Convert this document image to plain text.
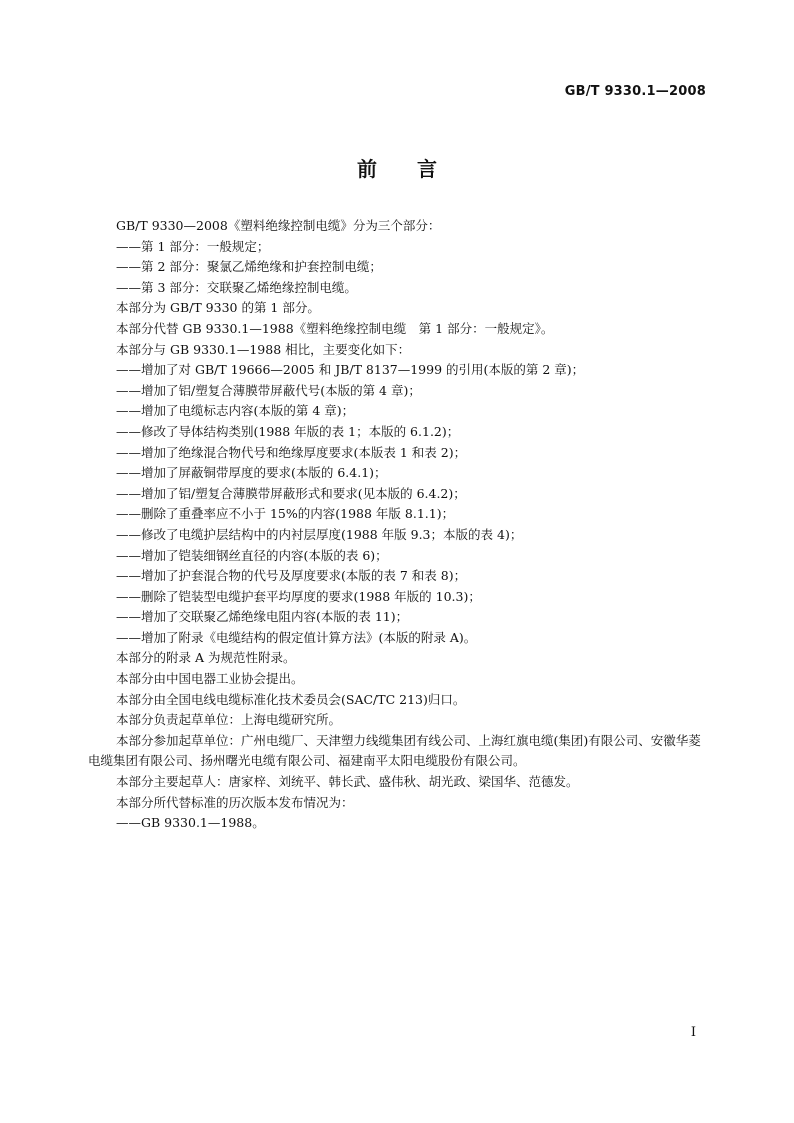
GB/T 9330.1—2008
前 言
GB/T 9330—2008《塑料绝缘控制电缆》分为三个部分：
——第 1 部分：一般规定；
——第 2 部分：聚氯乙烯绝缘和护套控制电缆；
——第 3 部分：交联聚乙烯绝缘控制电缆。
本部分为 GB/T 9330 的第 1 部分。
本部分代替 GB 9330.1—1988《塑料绝缘控制电缆　第 1 部分：一般规定》。
本部分与 GB 9330.1—1988 相比，主要变化如下：
——增加了对 GB/T 19666—2005 和 JB/T 8137—1999 的引用(本版的第 2 章)；
——增加了铝/塑复合薄膜带屏蔽代号(本版的第 4 章)；
——增加了电缆标志内容(本版的第 4 章)；
——修改了导体结构类别(1988 年版的表 1；本版的 6.1.2)；
——增加了绝缘混合物代号和绝缘厚度要求(本版表 1 和表 2)；
——增加了屏蔽铜带厚度的要求(本版的 6.4.1)；
——增加了铝/塑复合薄膜带屏蔽形式和要求(见本版的 6.4.2)；
——删除了重叠率应不小于 15%的内容(1988 年版 8.1.1)；
——修改了电缆护层结构中的内衬层厚度(1988 年版 9.3；本版的表 4)；
——增加了铠装细钢丝直径的内容(本版的表 6)；
——增加了护套混合物的代号及厚度要求(本版的表 7 和表 8)；
——删除了铠装型电缆护套平均厚度的要求(1988 年版的 10.3)；
——增加了交联聚乙烯绝缘电阻内容(本版的表 11)；
——增加了附录《电缆结构的假定值计算方法》(本版的附录 A)。
本部分的附录 A 为规范性附录。
本部分由中国电器工业协会提出。
本部分由全国电线电缆标准化技术委员会(SAC/TC 213)归口。
本部分负责起草单位：上海电缆研究所。
本部分参加起草单位：广州电缆厂、天津塑力线缆集团有线公司、上海红旗电缆(集团)有限公司、安徽华菱电缆集团有限公司、扬州曙光电缆有限公司、福建南平太阳电缆股份有限公司。
本部分主要起草人：唐家梓、刘统平、韩长武、盛伟秋、胡光政、梁国华、范德发。
本部分所代替标准的历次版本发布情况为：
——GB 9330.1—1988。
I
